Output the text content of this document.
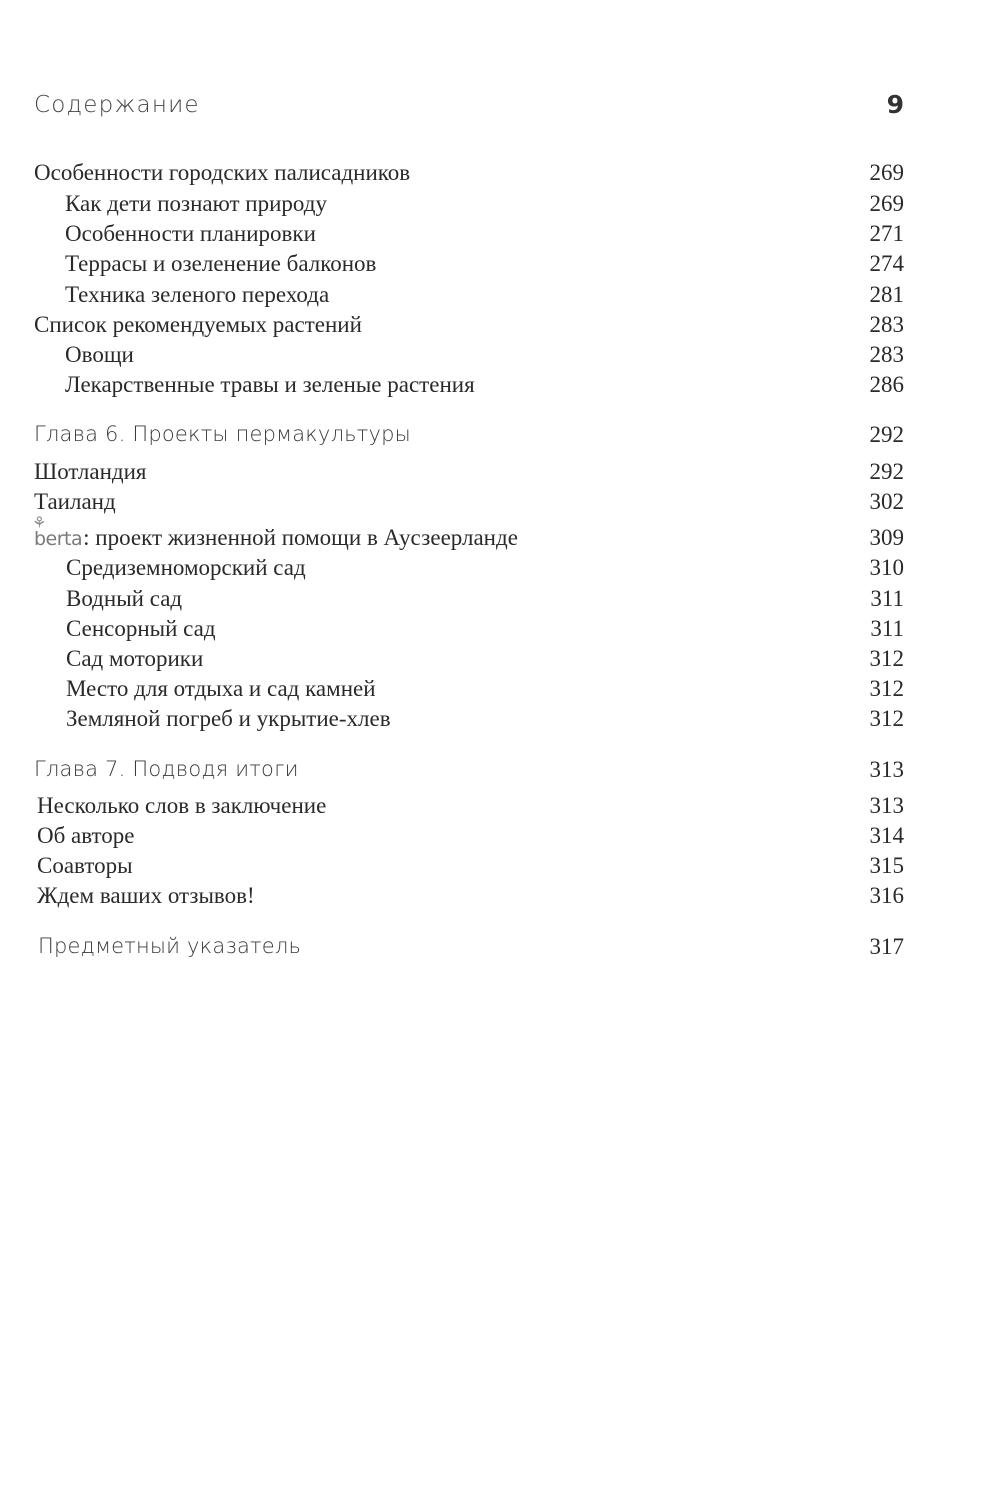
Содержание	9
Особенности городских палисадников	269
Как дети познают природу	269
Особенности планировки	271
Террасы и озеленение балконов	274
Техника зеленого перехода	281
Список рекомендуемых растений	283
Овощи	283
Лекарственные травы и зеленые растения	286
Глава 6. Проекты пермакультуры	292
Шотландия	292
Таиланд	302
⚘
berta: проект жизненной помощи в Аусзеерланде	309
Средиземноморский сад	310
Водный сад	311
Сенсорный сад	311
Сад моторики	312
Место для отдыха и сад камней	312
Земляной погреб и укрытие-хлев	312
Глава 7. Подводя итоги	313
Несколько слов в заключение	313
Об авторе	314
Соавторы	315
Ждем ваших отзывов!	316
Предметный указатель	317
